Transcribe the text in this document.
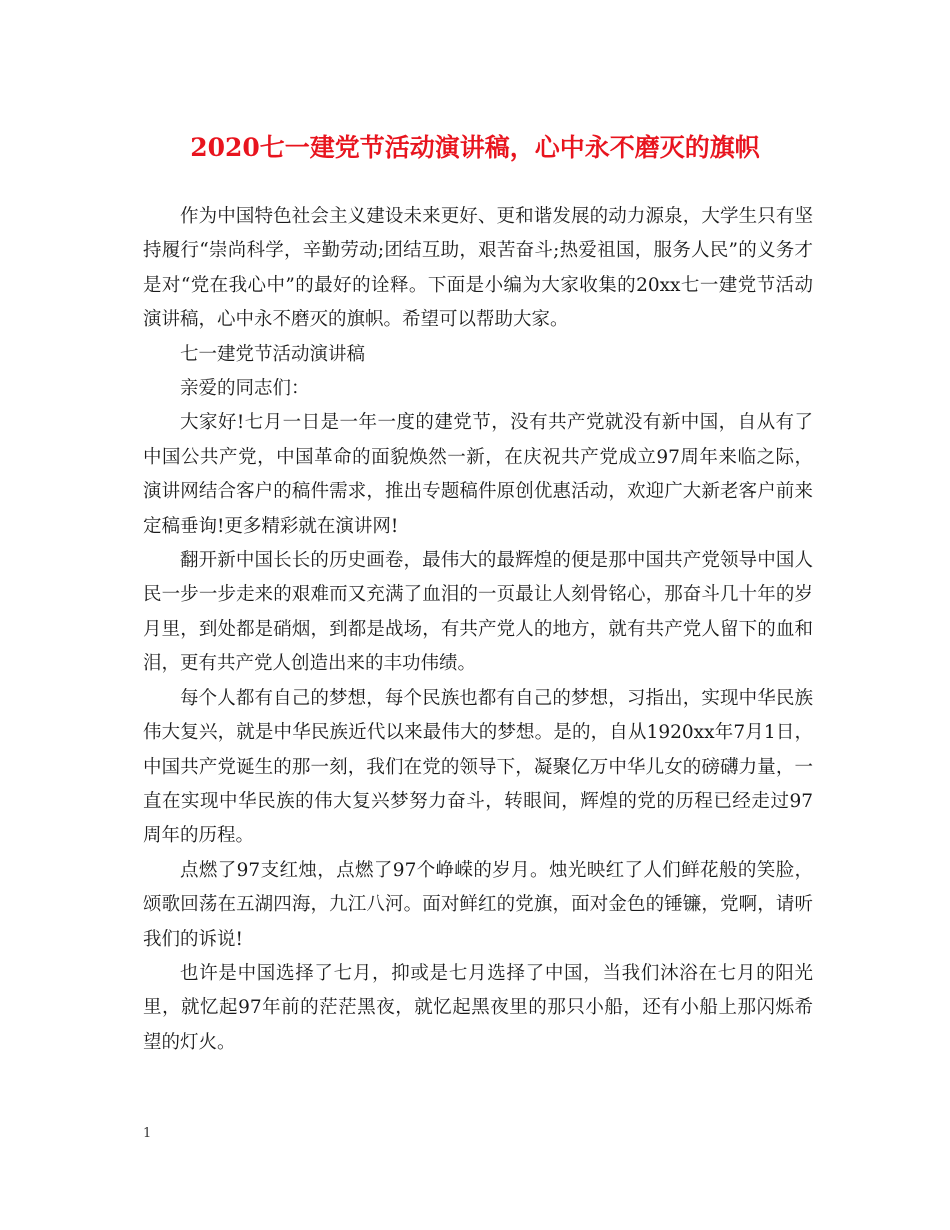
2020七一建党节活动演讲稿，心中永不磨灭的旗帜

作为中国特色社会主义建设未来更好、更和谐发展的动力源泉，大学生只有坚持履行“崇尚科学，辛勤劳动;团结互助，艰苦奋斗;热爱祖国，服务人民”的义务才是对“党在我心中”的最好的诠释。下面是小编为大家收集的20xx七一建党节活动演讲稿，心中永不磨灭的旗帜。希望可以帮助大家。

七一建党节活动演讲稿

亲爱的同志们：

大家好!七月一日是一年一度的建党节，没有共产党就没有新中国，自从有了中国公共产党，中国革命的面貌焕然一新，在庆祝共产党成立97周年来临之际，演讲网结合客户的稿件需求，推出专题稿件原创优惠活动，欢迎广大新老客户前来定稿垂询!更多精彩就在演讲网!

翻开新中国长长的历史画卷，最伟大的最辉煌的便是那中国共产党领导中国人民一步一步走来的艰难而又充满了血泪的一页最让人刻骨铭心，那奋斗几十年的岁月里，到处都是硝烟，到都是战场，有共产党人的地方，就有共产党人留下的血和泪，更有共产党人创造出来的丰功伟绩。

每个人都有自己的梦想，每个民族也都有自己的梦想，习指出，实现中华民族伟大复兴，就是中华民族近代以来最伟大的梦想。是的，自从1920xx年7月1日，中国共产党诞生的那一刻，我们在党的领导下，凝聚亿万中华儿女的磅礴力量，一直在实现中华民族的伟大复兴梦努力奋斗，转眼间，辉煌的党的历程已经走过97周年的历程。

点燃了97支红烛，点燃了97个峥嵘的岁月。烛光映红了人们鲜花般的笑脸，颂歌回荡在五湖四海，九江八河。面对鲜红的党旗，面对金色的锤镰，党啊，请听我们的诉说!

也许是中国选择了七月，抑或是七月选择了中国，当我们沐浴在七月的阳光里，就忆起97年前的茫茫黑夜，就忆起黑夜里的那只小船，还有小船上那闪烁希望的灯火。

1
